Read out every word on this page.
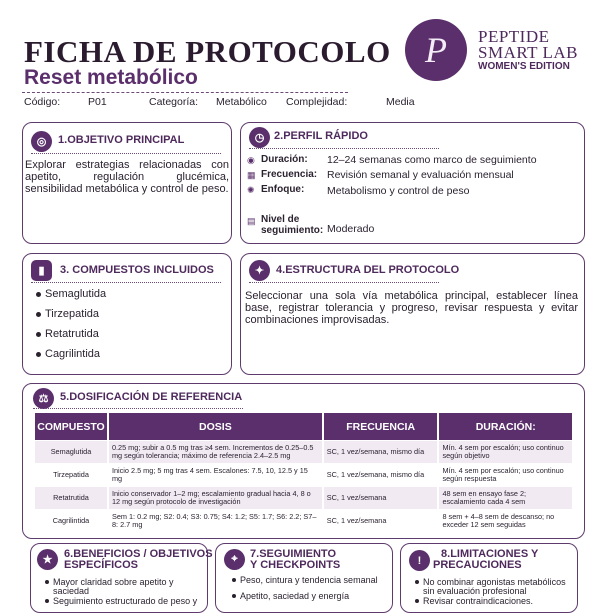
FICHA DE PROTOCOLO
Reset metabólico
P PEPTIDE
SMART LAB
WOMEN'S EDITION
Código:	P01	Categoría: Metabólico Complejidad:	Media
◎	1.OBJETIVO PRINCIPAL
Explorar estrategias relacionadas con apetito, regulación glucémica, sensibilidad metabólica y control de peso.
◷ 2.PERFIL RÁPIDO
◉ Duración: 12–24 semanas como marco de seguimiento
▦ Frecuencia: Revisión semanal y evaluación mensual
✺ Enfoque: Metabolismo y control de peso
▤ Nivel de
seguimiento: Moderado
▮	3. COMPUESTOS INCLUIDOS
Semaglutida
Tirzepatida
Retatrutida
Cagrilintida
✦	4.ESTRUCTURA DEL PROTOCOLO
Seleccionar una sola vía metabólica principal, establecer línea base, registrar tolerancia y progreso, revisar respuesta y evitar combinaciones improvisadas.
⚖	5.DOSIFICACIÓN DE REFERENCIA
COMPUESTO	DOSIS	FRECUENCIA	DURACIÓN:
Semaglutida	0.25 mg; subir a 0.5 mg tras ≥4 sem. Incrementos de 0.25–0.5 mg según tolerancia; máximo de referencia 2.4–2.5 mg	SC, 1 vez/semana, mismo día	Mín. 4 sem por escalón; uso continuo según objetivo
Tirzepatida	Inicio 2.5 mg; 5 mg tras 4 sem. Escalones: 7.5, 10, 12.5 y 15 mg	SC, 1 vez/semana, mismo día	Mín. 4 sem por escalón; uso continuo según respuesta
Retatrutida	Inicio conservador 1–2 mg; escalamiento gradual hacia 4, 8 o 12 mg según protocolo de investigación	SC, 1 vez/semana	48 sem en ensayo fase 2; escalamiento cada 4 sem
Cagrilintida	Sem 1: 0.2 mg; S2: 0.4; S3: 0.75; S4: 1.2; S5: 1.7; S6: 2.2; S7–8: 2.7 mg	SC, 1 vez/semana	8 sem + 4–8 sem de descanso; no exceder 12 sem seguidas
★	6.BENEFICIOS / OBJETIVOS
ESPECÍFICOS
Mayor claridad sobre apetito y
saciedad
Seguimiento estructurado de peso y
⌖	7.SEGUIMIENTO
Y CHECKPOINTS
Peso, cintura y tendencia semanal
Apetito, saciedad y energía
!
8.LIMITACIONES Y
PRECAUCIONES
No combinar agonistas metabólicos
sin evaluación profesional
Revisar contraindicaciones.
